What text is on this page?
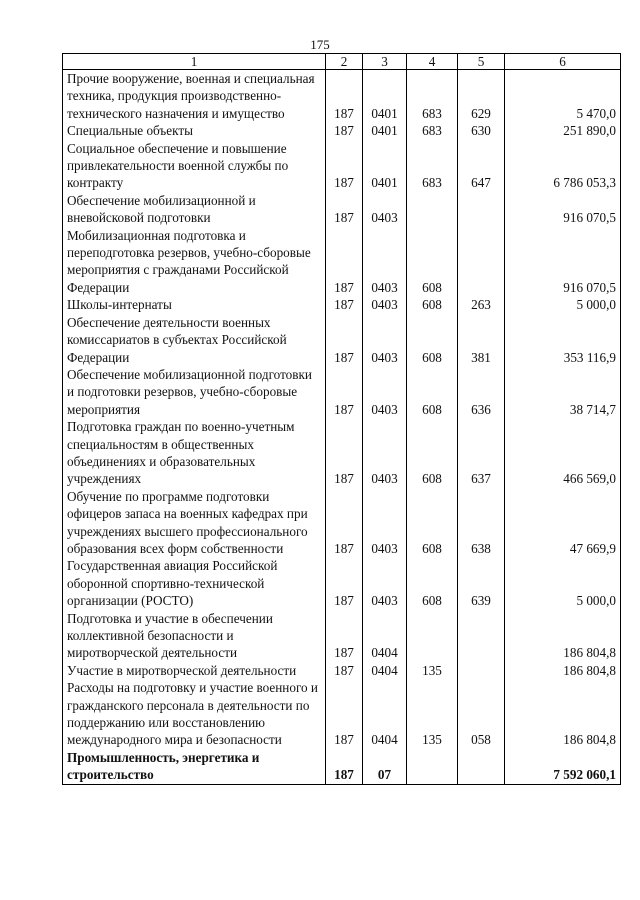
175
1	2	3	4	5	6
Прочие вооружение, военная и специальная техника, продукция производственно-технического назначения и имущество	187	0401	683	629	5 470,0
Специальные объекты	187	0401	683	630	251 890,0
Социальное обеспечение и повышение привлекательности военной службы по контракту	187	0401	683	647	6 786 053,3
Обеспечение мобилизационной и вневойсковой подготовки	187	0403			916 070,5
Мобилизационная подготовка и переподготовка резервов, учебно-сборовые мероприятия с гражданами Российской Федерации	187	0403	608		916 070,5
Школы-интернаты	187	0403	608	263	5 000,0
Обеспечение деятельности военных комиссариатов в субъектах Российской Федерации	187	0403	608	381	353 116,9
Обеспечение мобилизационной подготовки и подготовки резервов, учебно-сборовые мероприятия	187	0403	608	636	38 714,7
Подготовка граждан по военно-учетным специальностям в общественных объединениях и образовательных учреждениях	187	0403	608	637	466 569,0
Обучение по программе подготовки офицеров запаса на военных кафедрах при учреждениях высшего профессионального образования всех форм собственности	187	0403	608	638	47 669,9
Государственная авиация Российской оборонной спортивно-технической организации (РОСТО)	187	0403	608	639	5 000,0
Подготовка и участие в обеспечении коллективной безопасности и миротворческой деятельности	187	0404			186 804,8
Участие в миротворческой деятельности	187	0404	135		186 804,8
Расходы на подготовку и участие военного и гражданского персонала в деятельности по поддержанию или восстановлению международного мира и безопасности	187	0404	135	058	186 804,8
Промышленность, энергетика и строительство	187	07			7 592 060,1
